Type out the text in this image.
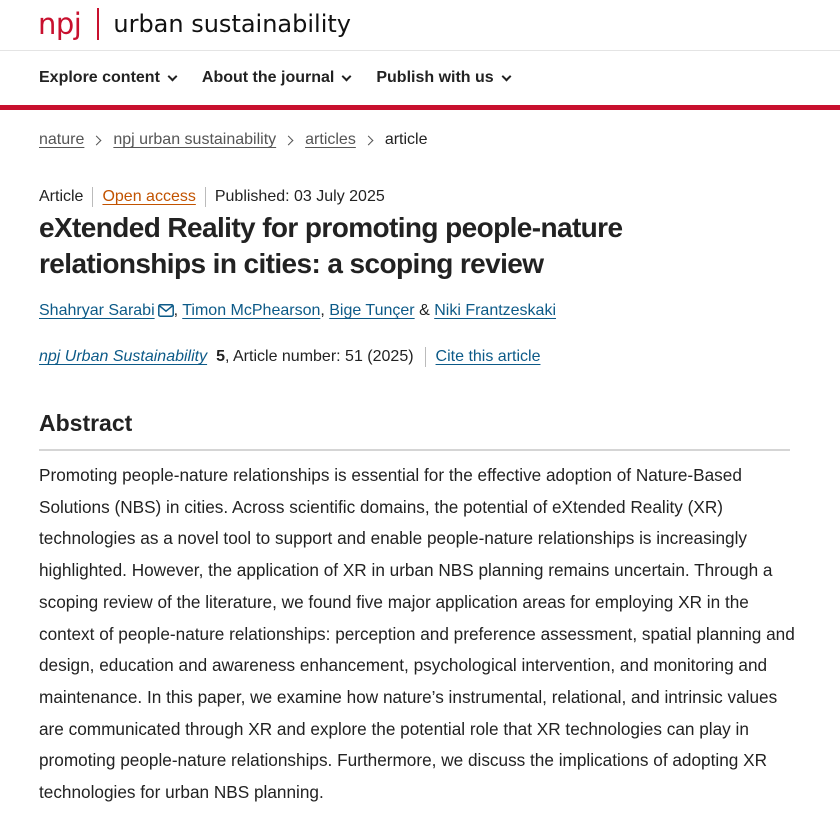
npj urban sustainability
Explore content	About the journal	Publish with us
nature npj urban sustainability articles article
Article Open access Published: 03 July 2025
eXtended Reality for promoting people-nature relationships in cities: a scoping review
Shahryar Sarabi , Timon McPhearson, Bige Tunçer & Niki Frantzeskaki
npj Urban Sustainability 5 , Article number: 51 (2025) Cite this article
Abstract

Promoting people-nature relationships is essential for the effective adoption of Nature-Based Solutions (NBS) in cities. Across scientific domains, the potential of eXtended Reality (XR) technologies as a novel tool to support and enable people-nature relationships is increasingly highlighted. However, the application of XR in urban NBS planning remains uncertain. Through a scoping review of the literature, we found five major application areas for employing XR in the context of people-nature relationships: perception and preference assessment, spatial planning and design, education and awareness enhancement, psychological intervention, and monitoring and maintenance. In this paper, we examine how nature’s instrumental, relational, and intrinsic values are communicated through XR and explore the potential role that XR technologies can play in promoting people-nature relationships. Furthermore, we discuss the implications of adopting XR technologies for urban NBS planning.
